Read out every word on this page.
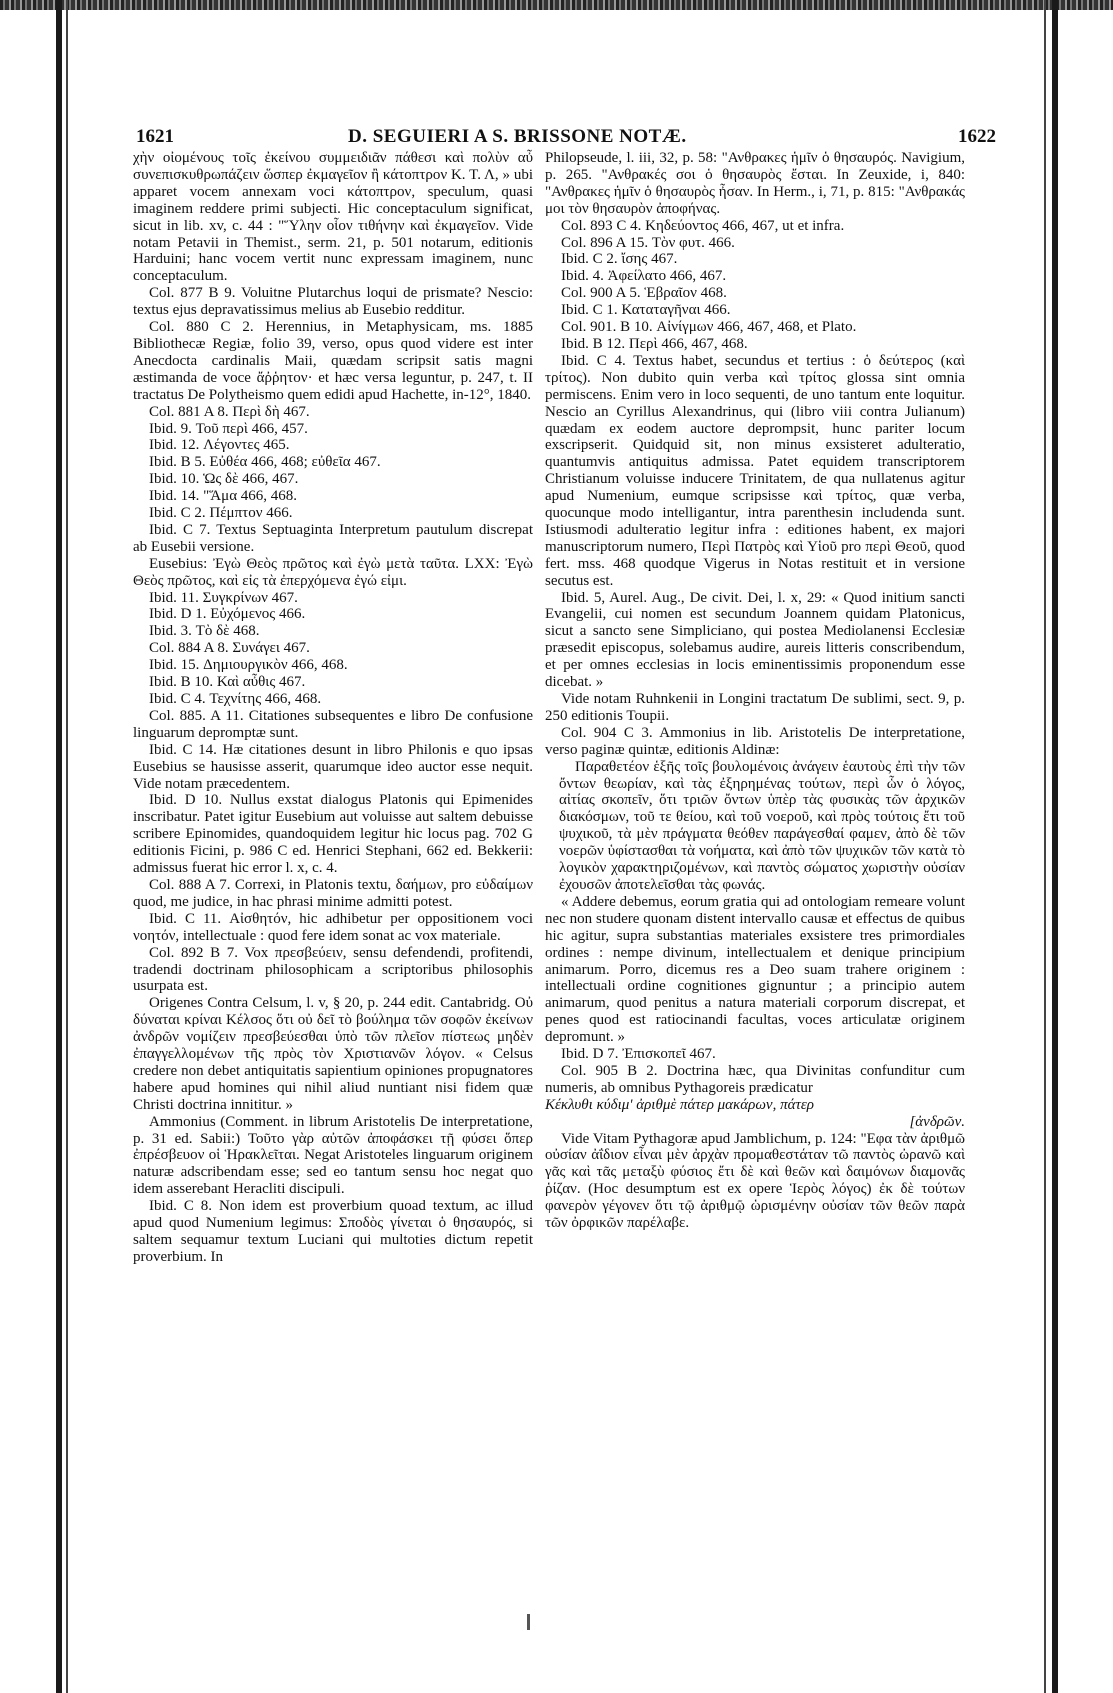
1621	D. SEGUIERI A S. BRISSONE NOTÆ.	1622

χὴν οἰομένους τοῖς ἐκείνου συμμειδιᾶν πάθεσι καὶ πολὺν αὖ συνεπισκυθρωπάζειν ὥσπερ ἐκμαγεῖον ἢ κάτοπτρον Κ. Τ. Λ, » ubi apparet vocem annexam voci κάτοπτρον, speculum, quasi imaginem reddere primi subjecti. Hic conceptaculum significat, sicut in lib. xv, c. 44 : "Ὕλην οἷον τιθήνην καὶ ἐκμαγεῖον. Vide notam Petavii in Themist., serm. 21, p. 501 notarum, editionis Harduini; hanc vocem vertit nunc expressam imaginem, nunc conceptaculum.

Col. 877 B 9. Voluitne Plutarchus loqui de prismate? Nescio: textus ejus depravatissimus melius ab Eusebio redditur.

Col. 880 C 2. Herennius, in Metaphysicam, ms. 1885 Bibliothecæ Regiæ, folio 39, verso, opus quod videre est inter Anecdocta cardinalis Maii, quædam scripsit satis magni æstimanda de voce ἄῤῥητον· et hæc versa leguntur, p. 247, t. II tractatus De Polytheismo quem edidi apud Hachette, in-12°, 1840.

Col. 881 A 8. Περὶ δὴ 467.

Ibid. 9. Τοῦ περὶ 466, 457.

Ibid. 12. Λέγοντες 465.

Ibid. B 5. Εὐθέα 466, 468; εὐθεῖα 467.

Ibid. 10. Ὡς δὲ 466, 467.

Ibid. 14. "Ἅμα 466, 468.

Ibid. C 2. Πέμπτον 466.

Ibid. C 7. Textus Septuaginta Interpretum pautulum discrepat ab Eusebii versione.

Eusebius: Ἐγὼ Θεὸς πρῶτος καὶ ἐγὼ μετὰ ταῦτα. LXX: Ἐγὼ Θεὸς πρῶτος, καὶ εἰς τὰ ἐπερχόμενα ἐγώ εἰμι.

Ibid. 11. Συγκρίνων 467.

Ibid. D 1. Εὐχόμενος 466.

Ibid. 3. Τὸ δὲ 468.

Col. 884 A 8. Συνάγει 467.

Ibid. 15. Δημιουργικὸν 466, 468.

Ibid. B 10. Καὶ αὖθις 467.

Ibid. C 4. Τεχνίτης 466, 468.

Col. 885. A 11. Citationes subsequentes e libro De confusione linguarum depromptæ sunt.

Ibid. C 14. Hæ citationes desunt in libro Philonis e quo ipsas Eusebius se hausisse asserit, quarumque ideo auctor esse nequit. Vide notam præcedentem.

Ibid. D 10. Nullus exstat dialogus Platonis qui Epimenides inscribatur. Patet igitur Eusebium aut voluisse aut saltem debuisse scribere Epinomides, quandoquidem legitur hic locus pag. 702 G editionis Ficini, p. 986 C ed. Henrici Stephani, 662 ed. Bekkerii: admissus fuerat hic error l. x, c. 4.

Col. 888 A 7. Correxi, in Platonis textu, δαήμων, pro εὐδαίμων quod, me judice, in hac phrasi minime admitti potest.

Ibid. C 11. Αἰσθητόν, hic adhibetur per oppositionem voci νοητόν, intellectuale : quod fere idem sonat ac vox materiale.

Col. 892 B 7. Vox πρεσβεύειν, sensu defendendi, profitendi, tradendi doctrinam philosophicam a scriptoribus philosophis usurpata est.

Origenes Contra Celsum, l. v, § 20, p. 244 edit. Cantabridg. Οὐ δύναται κρίναι Κέλσος ὅτι οὐ δεῖ τὸ βούλημα τῶν σοφῶν ἐκείνων ἀνδρῶν νομίζειν πρεσβεύεσθαι ὑπὸ τῶν πλεῖον πίστεως μηδὲν ἐπαγγελλομένων τῆς πρὸς τὸν Χριστιανῶν λόγον. « Celsus credere non debet antiquitatis sapientium opiniones propugnatores habere apud homines qui nihil aliud nuntiant nisi fidem quæ Christi doctrina innititur. »

Ammonius (Comment. in librum Aristotelis De interpretatione, p. 31 ed. Sabii:) Τοῦτο γὰρ αὐτῶν ἀποφάσκει τῇ φύσει ὅπερ ἐπρέσβευον οἱ Ἡρακλεῖται. Negat Aristoteles linguarum originem naturæ adscribendam esse; sed eo tantum sensu hoc negat quo idem asserebant Heracliti discipuli.

Ibid. C 8. Non idem est proverbium quoad textum, ac illud apud quod Numenium legimus: Σποδὸς γίνεται ὁ θησαυρός, si saltem sequamur textum Luciani qui multoties dictum repetit proverbium. In

Philopseude, l. iii, 32, p. 58: "Ανθρακες ἡμῖν ὁ θησαυρός. Navigium, p. 265. "Ανθρακές σοι ὁ θησαυρὸς ἔσται. In Zeuxide, i, 840: "Ανθρακες ἡμῖν ὁ θησαυρὸς ἦσαν. In Herm., i, 71, p. 815: "Ανθρακάς μοι τὸν θησαυρὸν ἀποφήνας.

Col. 893 C 4. Κηδεύοντος 466, 467, ut et infra.

Col. 896 A 15. Τὸν φυτ. 466.

Ibid. C 2. ἴσης 467.

Ibid. 4. Ἀφείλατο 466, 467.

Col. 900 A 5. Ἑβραῖον 468.

Ibid. C 1. Καταταγῆναι 466.

Col. 901. B 10. Αἰνίγμων 466, 467, 468, et Plato.

Ibid. B 12. Περὶ 466, 467, 468.

Ibid. C 4. Textus habet, secundus et tertius : ὁ δεύτερος (καὶ τρίτος). Non dubito quin verba καὶ τρίτος glossa sint omnia permiscens. Enim vero in loco sequenti, de uno tantum ente loquitur. Nescio an Cyrillus Alexandrinus, qui (libro viii contra Julianum) quædam ex eodem auctore deprompsit, hunc pariter locum exscripserit. Quidquid sit, non minus exsisteret adulteratio, quantumvis antiquitus admissa. Patet equidem transcriptorem Christianum voluisse inducere Trinitatem, de qua nullatenus agitur apud Numenium, eumque scripsisse καὶ τρίτος, quæ verba, quocunque modo intelligantur, intra parenthesin includenda sunt. Istiusmodi adulteratio legitur infra : editiones habent, ex majori manuscriptorum numero, Περὶ Πατρὸς καὶ Υἱοῦ pro περὶ Θεοῦ, quod fert. mss. 468 quodque Vigerus in Notas restituit et in versione secutus est.

Ibid. 5, Aurel. Aug., De civit. Dei, l. x, 29: « Quod initium sancti Evangelii, cui nomen est secundum Joannem quidam Platonicus, sicut a sancto sene Simpliciano, qui postea Mediolanensi Ecclesiæ præsedit episcopus, solebamus audire, aureis litteris conscribendum, et per omnes ecclesias in locis eminentissimis proponendum esse dicebat. »

Vide notam Ruhnkenii in Longini tractatum De sublimi, sect. 9, p. 250 editionis Toupii.

Col. 904 C 3. Ammonius in lib. Aristotelis De interpretatione, verso paginæ quintæ, editionis Aldinæ:

Παραθετέον ἑξῆς τοῖς βουλομένοις ἀνάγειν ἑαυτοὺς ἐπὶ τὴν τῶν ὄντων θεωρίαν, καὶ τὰς ἐξηρημένας τούτων, περὶ ὧν ὁ λόγος, αἰτίας σκοπεῖν, ὅτι τριῶν ὄντων ὑπὲρ τὰς φυσικὰς τῶν ἀρχικῶν διακόσμων, τοῦ τε θείου, καὶ τοῦ νοεροῦ, καὶ πρὸς τούτοις ἔτι τοῦ ψυχικοῦ, τὰ μὲν πράγματα θεόθεν παράγεσθαί φαμεν, ἀπὸ δὲ τῶν νοερῶν ὑφίστασθαι τὰ νοήματα, καὶ ἀπὸ τῶν ψυχικῶν τῶν κατὰ τὸ λογικὸν χαρακτηριζομένων, καὶ παντὸς σώματος χωριστὴν οὐσίαν ἐχουσῶν ἀποτελεῖσθαι τὰς φωνάς.

« Addere debemus, eorum gratia qui ad ontologiam remeare volunt nec non studere quonam distent intervallo causæ et effectus de quibus hic agitur, supra substantias materiales exsistere tres primordiales ordines : nempe divinum, intellectualem et denique principium animarum. Porro, dicemus res a Deo suam trahere originem : intellectuali ordine cognitiones gignuntur ; a principio autem animarum, quod penitus a natura materiali corporum discrepat, et penes quod est ratiocinandi facultas, voces articulatæ originem depromunt. »

Ibid. D 7. Ἐπισκοπεῖ 467.

Col. 905 B 2. Doctrina hæc, qua Divinitas confunditur cum numeris, ab omnibus Pythagoreis prædicatur

Κέκλυθι κύδιμ' ἀριθμὲ πάτερ μακάρων, πάτερ

[ἀνδρῶν.

Vide Vitam Pythagoræ apud Jamblichum, p. 124: "Εφα τὰν ἀριθμῶ οὐσίαν ἀΐδιον εἶναι μὲν ἀρχὰν προμαθεστάταν τῶ παντὸς ὠρανῶ καὶ γᾶς καὶ τᾶς μεταξὺ φύσιος ἔτι δὲ καὶ θεῶν καὶ δαιμόνων διαμονᾶς ῥίζαν. (Hoc desumptum est ex opere Ἱερὸς λόγος) ἐκ δὲ τούτων φανερὸν γέγονεν ὅτι τῷ ἀριθμῷ ὡρισμένην οὐσίαν τῶν θεῶν παρὰ τῶν ὀρφικῶν παρέλαβε.
